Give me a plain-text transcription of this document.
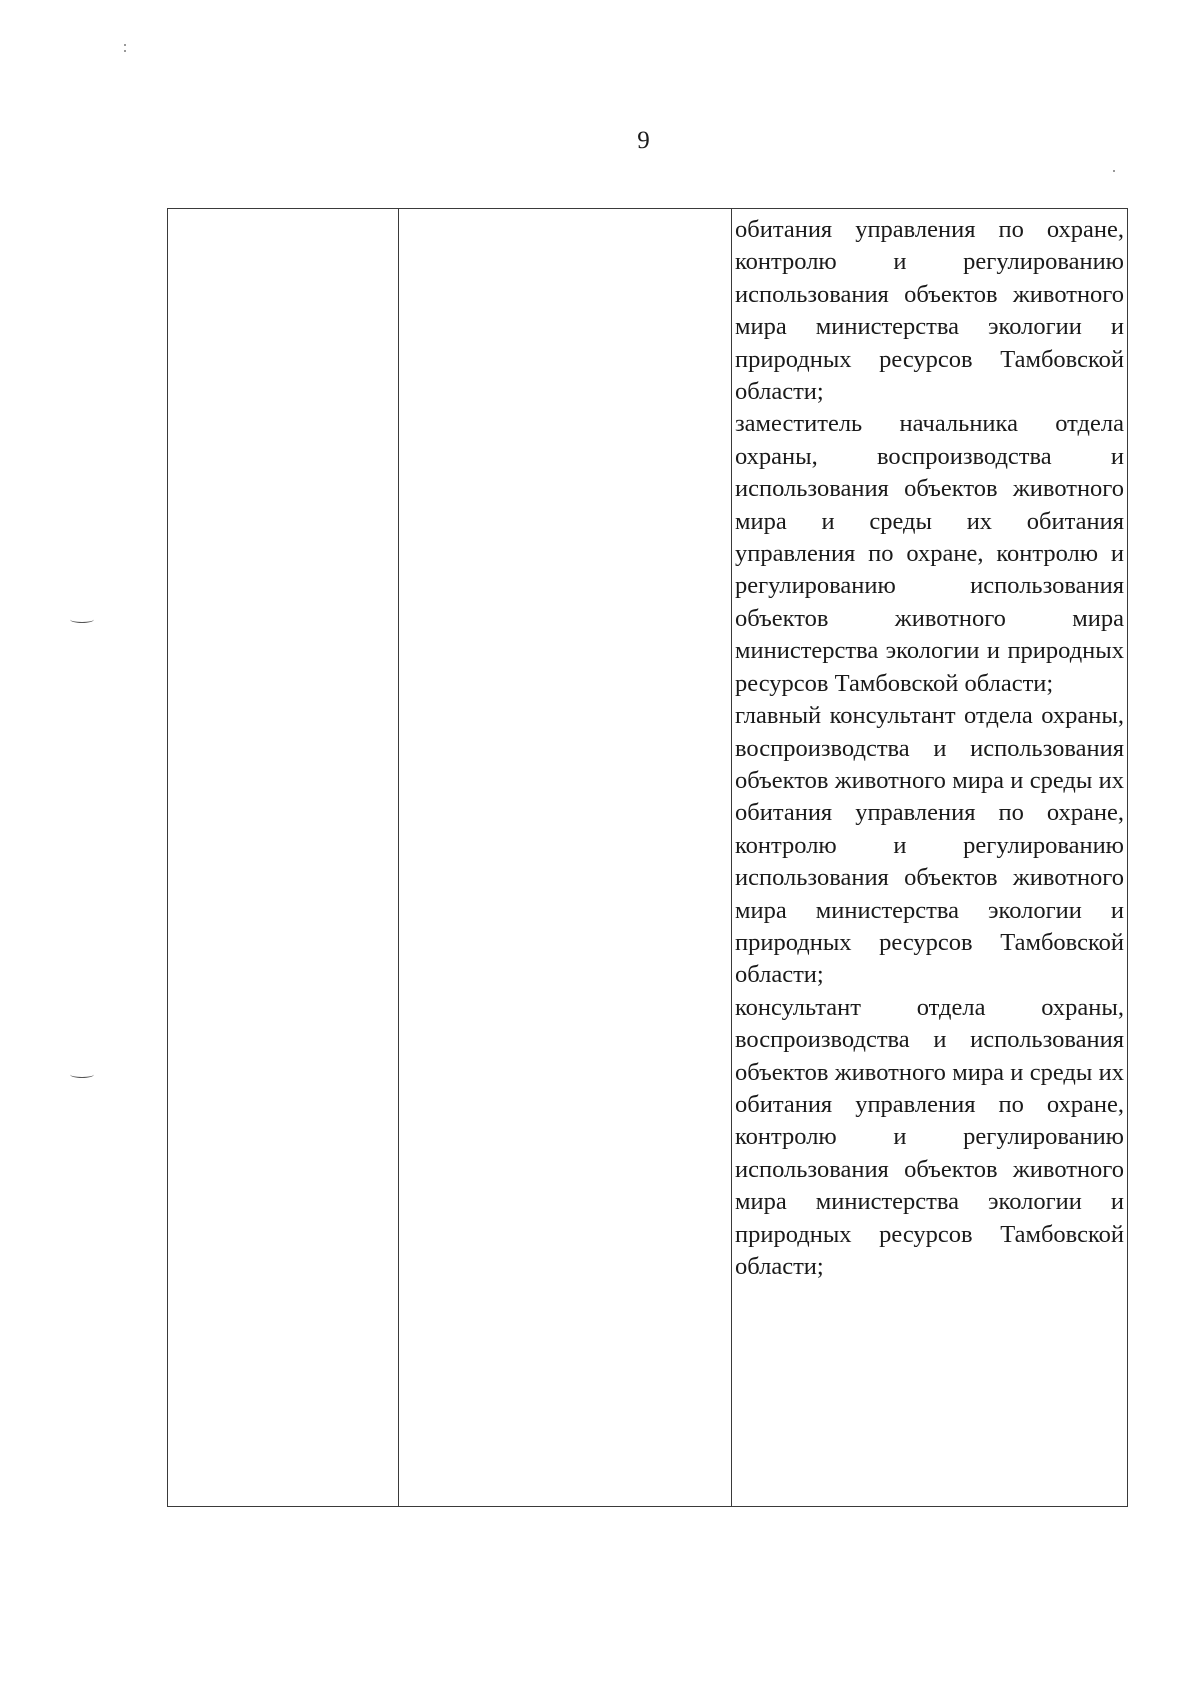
9

обитания управления по охране, контролю и регулированию использования объектов животного мира министерства экологии и природных ресурсов Тамбовской области;

заместитель начальника отдела охраны, воспроизводства и использования объектов животного мира и среды их обитания управления по охране, контролю и регулированию использования объектов животного мира министерства экологии и природных ресурсов Тамбовской области;

главный консультант отдела охраны, воспроизводства и использования объектов животного мира и среды их обитания управления по охране, контролю и регулированию использования объектов животного мира министерства экологии и природных ресурсов Тамбовской области;

консультант отдела охраны, воспроизводства и использования объектов животного мира и среды их обитания управления по охране, контролю и регулированию использования объектов животного мира министерства экологии и природных ресурсов Тамбовской области;
